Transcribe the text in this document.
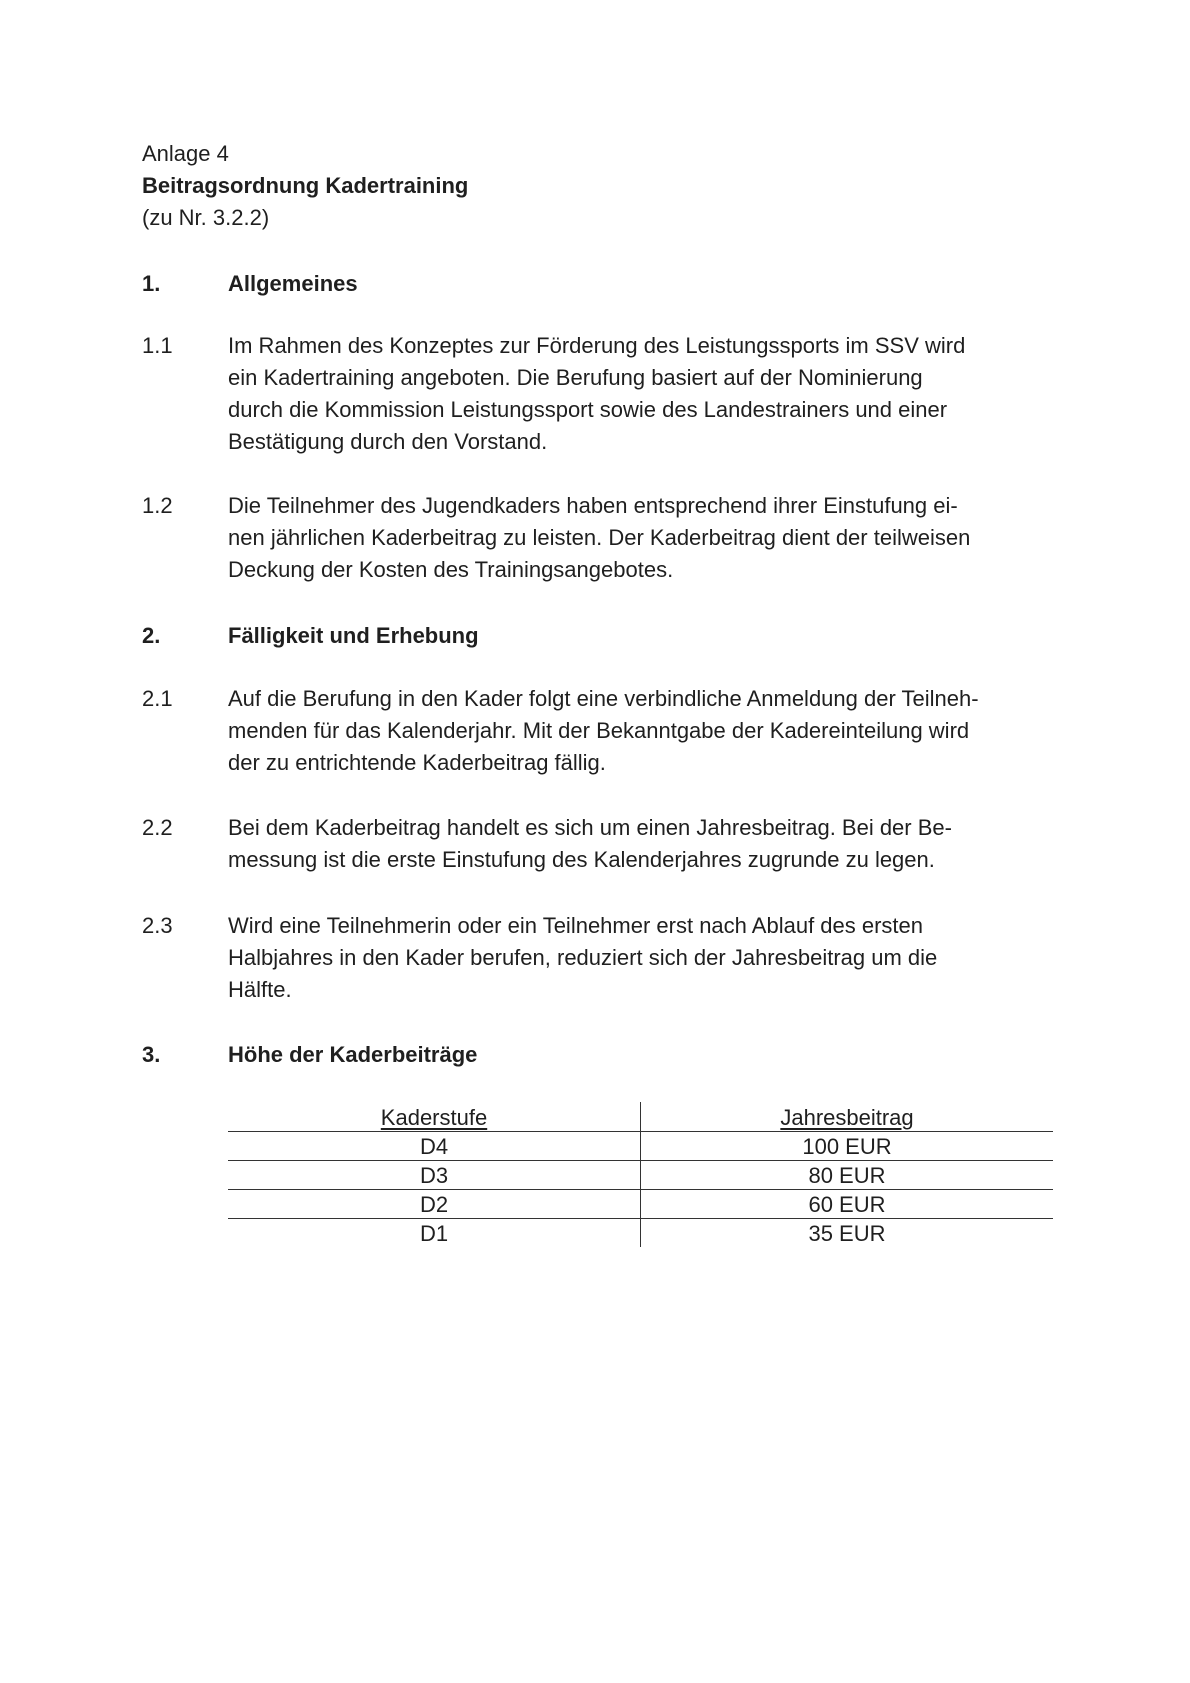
Anlage 4
Beitragsordnung Kadertraining
(zu Nr. 3.2.2)
1.	Allgemeines
1.1	Im Rahmen des Konzeptes zur Förderung des Leistungssports im SSV wird
ein Kadertraining angeboten. Die Berufung basiert auf der Nominierung
durch die Kommission Leistungssport sowie des Landestrainers und einer
Bestätigung durch den Vorstand.
1.2	Die Teilnehmer des Jugendkaders haben entsprechend ihrer Einstufung ei-
nen jährlichen Kaderbeitrag zu leisten. Der Kaderbeitrag dient der teilweisen
Deckung der Kosten des Trainingsangebotes.
2.	Fälligkeit und Erhebung
2.1	Auf die Berufung in den Kader folgt eine verbindliche Anmeldung der Teilneh-
menden für das Kalenderjahr. Mit der Bekanntgabe der Kadereinteilung wird
der zu entrichtende Kaderbeitrag fällig.
2.2	Bei dem Kaderbeitrag handelt es sich um einen Jahresbeitrag. Bei der Be-
messung ist die erste Einstufung des Kalenderjahres zugrunde zu legen.
2.3	Wird eine Teilnehmerin oder ein Teilnehmer erst nach Ablauf des ersten
Halbjahres in den Kader berufen, reduziert sich der Jahresbeitrag um die
Hälfte.
3.	Höhe der Kaderbeiträge
Kaderstufe	Jahresbeitrag
D4	100 EUR
D3	80 EUR
D2	60 EUR
D1	35 EUR
